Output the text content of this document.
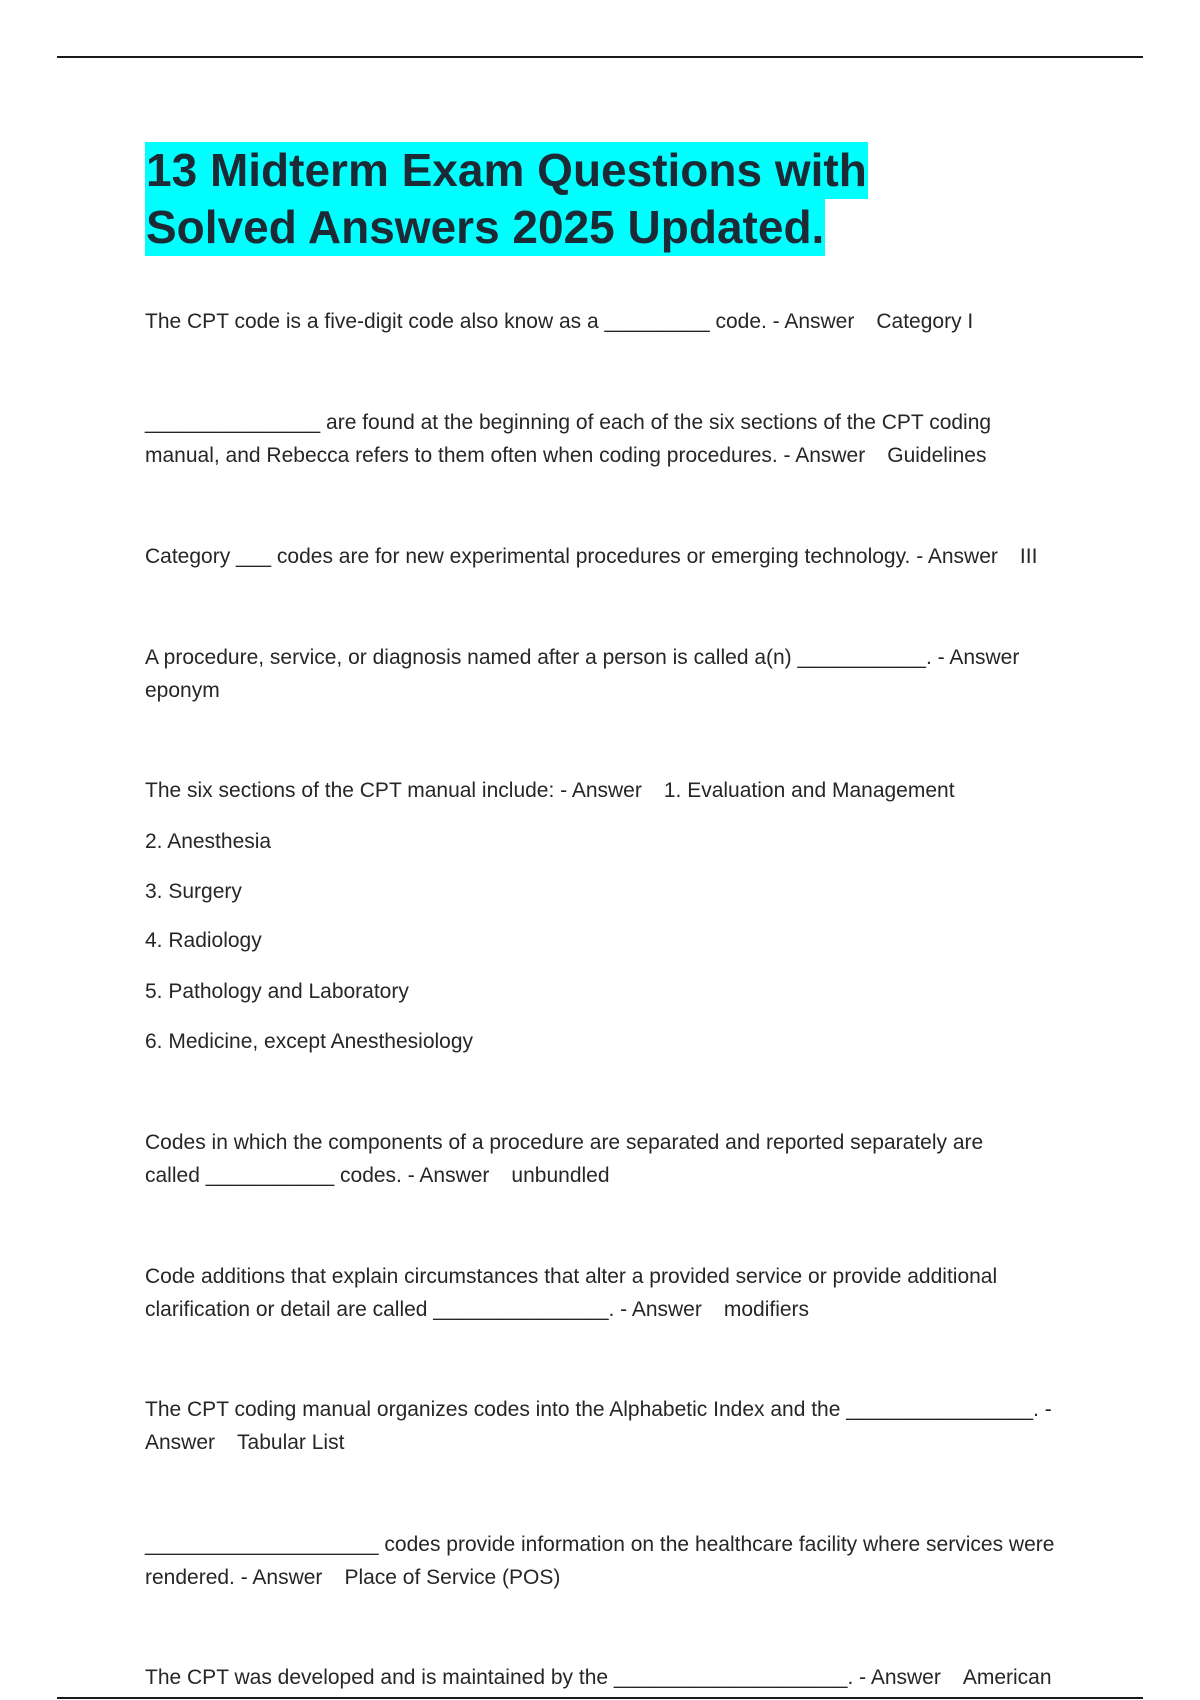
13 Midterm Exam Questions with
Solved Answers 2025 Updated.

The CPT code is a five-digit code also know as a _________ code. - Answer Category I

_______________ are found at the beginning of each of the six sections of the CPT coding
manual, and Rebecca refers to them often when coding procedures. - Answer Guidelines

Category ___ codes are for new experimental procedures or emerging technology. - Answer III

A procedure, service, or diagnosis named after a person is called a(n) ___________. - Answer
eponym

The six sections of the CPT manual include: - Answer 1. Evaluation and Management

2. Anesthesia

3. Surgery

4. Radiology

5. Pathology and Laboratory

6. Medicine, except Anesthesiology

Codes in which the components of a procedure are separated and reported separately are
called ___________ codes. - Answer unbundled

Code additions that explain circumstances that alter a provided service or provide additional
clarification or detail are called _______________. - Answer modifiers

The CPT coding manual organizes codes into the Alphabetic Index and the ________________. -
Answer Tabular List

____________________ codes provide information on the healthcare facility where services were
rendered. - Answer Place of Service (POS)

The CPT was developed and is maintained by the ____________________. - Answer American
